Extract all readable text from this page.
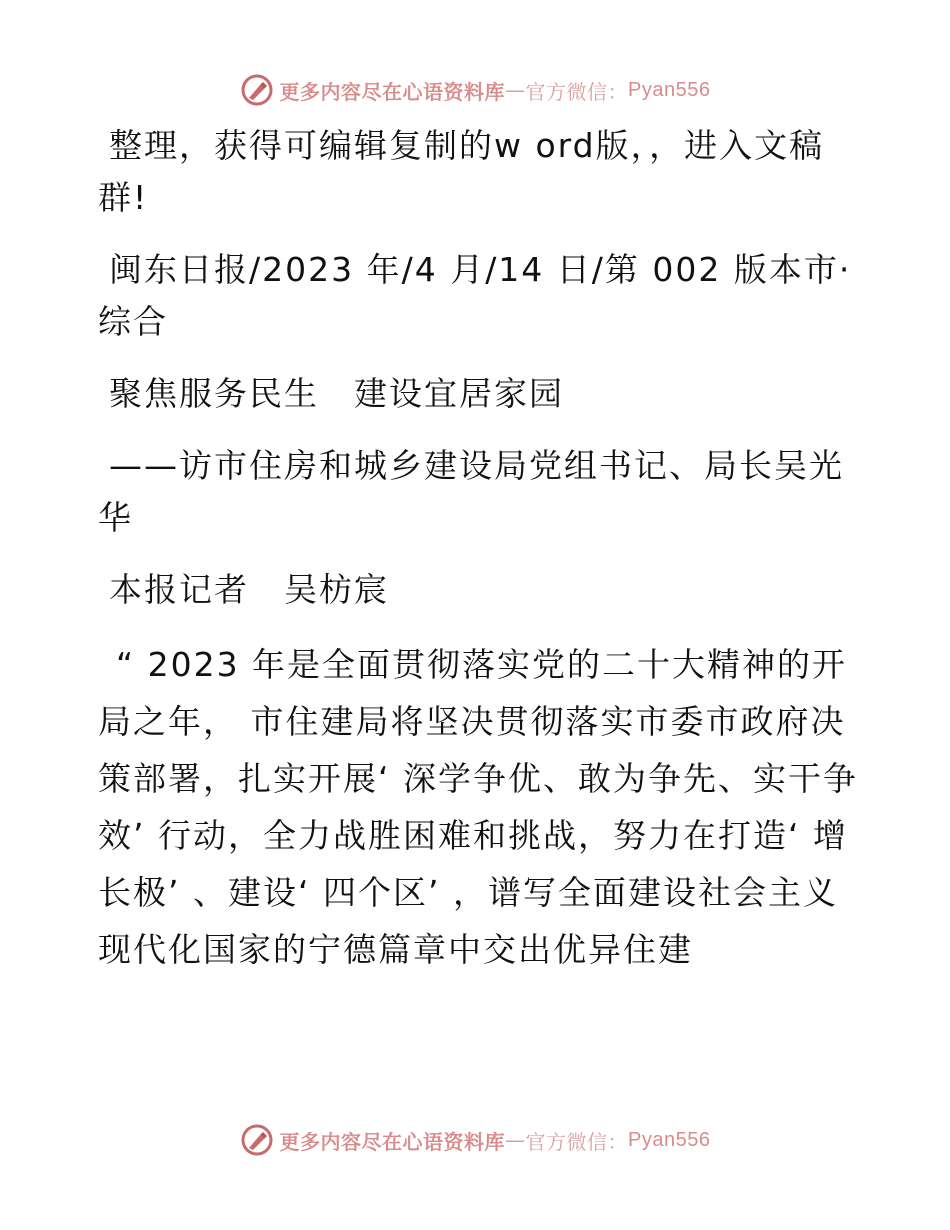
更多内容尽在心语资料库 — 官方微信： Pyan556

整理，获得可编辑复制的w ord版，，进入文稿群!

闽东日报/2023 年/4 月/14 日/第 002 版本市·综合

聚焦服务民生　建设宜居家园

——访市住房和城乡建设局党组书记、局长吴光华

本报记者　吴枋宸

“ 2023 年是全面贯彻落实党的二十大精神的开局之年， 市住建局将坚决贯彻落实市委市政府决策部署，扎实开展‘ 深学争优、敢为争先、实干争效’ 行动，全力战胜困难和挑战，努力在打造‘ 增长极’ 、建设‘ 四个区’ ，谱写全面建设社会主义现代化国家的宁德篇章中交出优异住建

更多内容尽在心语资料库 — 官方微信： Pyan556
